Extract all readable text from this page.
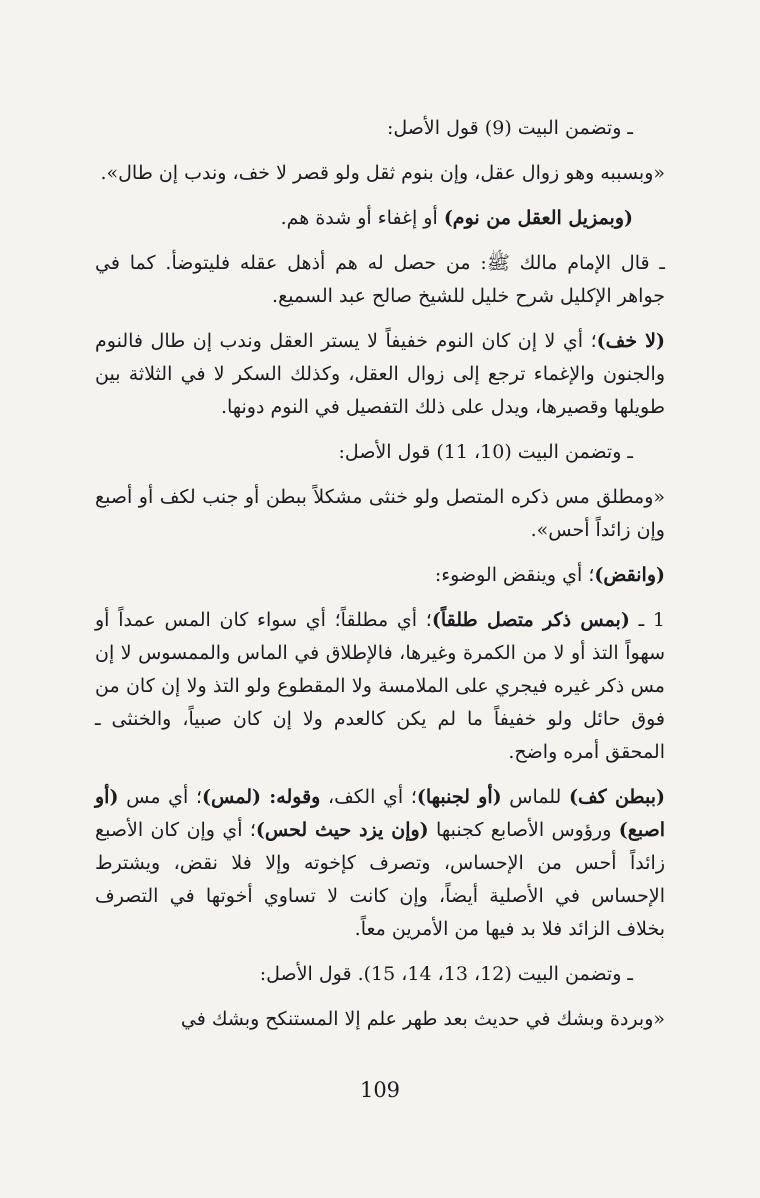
ـ وتضمن البيت (9) قول الأصل:
«وبسببه وهو زوال عقل، وإن بنوم ثقل ولو قصر لا خف، وندب إن طال».
(وبمزيل العقل من نوم) أو إغفاء أو شدة هم.
ـ قال الإمام مالك ﷺ: من حصل له هم أذهل عقله فليتوضأ. كما في جواهر الإكليل شرح خليل للشيخ صالح عبد السميع.
(لا خف)؛ أي لا إن كان النوم خفيفاً لا يستر العقل وندب إن طال فالنوم والجنون والإغماء ترجع إلى زوال العقل، وكذلك السكر لا في الثلاثة بين طويلها وقصيرها، ويدل على ذلك التفصيل في النوم دونها.
ـ وتضمن البيت (10، 11) قول الأصل:
«ومطلق مس ذكره المتصل ولو خنثى مشكلاً ببطن أو جنب لكف أو أصبع وإن زائداً أحس».
(وانقض)؛ أي وينقض الوضوء:
1 ـ (بمس ذكر متصل طلقاً)؛ أي مطلقاً؛ أي سواء كان المس عمداً أو سهواً التذ أو لا من الكمرة وغيرها، فالإطلاق في الماس والممسوس لا إن مس ذكر غيره فيجري على الملامسة ولا المقطوع ولو التذ ولا إن كان من فوق حائل ولو خفيفاً ما لم يكن كالعدم ولا إن كان صبياً، والخنثى ـ المحقق أمره واضح.
(ببطن كف) للماس (أو لجنبها)؛ أي الكف، وقوله: (لمس)؛ أي مس (أو اصبع) ورؤوس الأصابع كجنبها (وإن يزد حيث لحس)؛ أي وإن كان الأصبع زائداً أحس من الإحساس، وتصرف كإخوته وإلا فلا نقض، ويشترط الإحساس في الأصلية أيضاً، وإن كانت لا تساوي أخوتها في التصرف بخلاف الزائد فلا بد فيها من الأمرين معاً.
ـ وتضمن البيت (12، 13، 14، 15). قول الأصل:
«وبردة وبشك في حديث بعد طهر علم إلا المستنكح وبشك في
109
